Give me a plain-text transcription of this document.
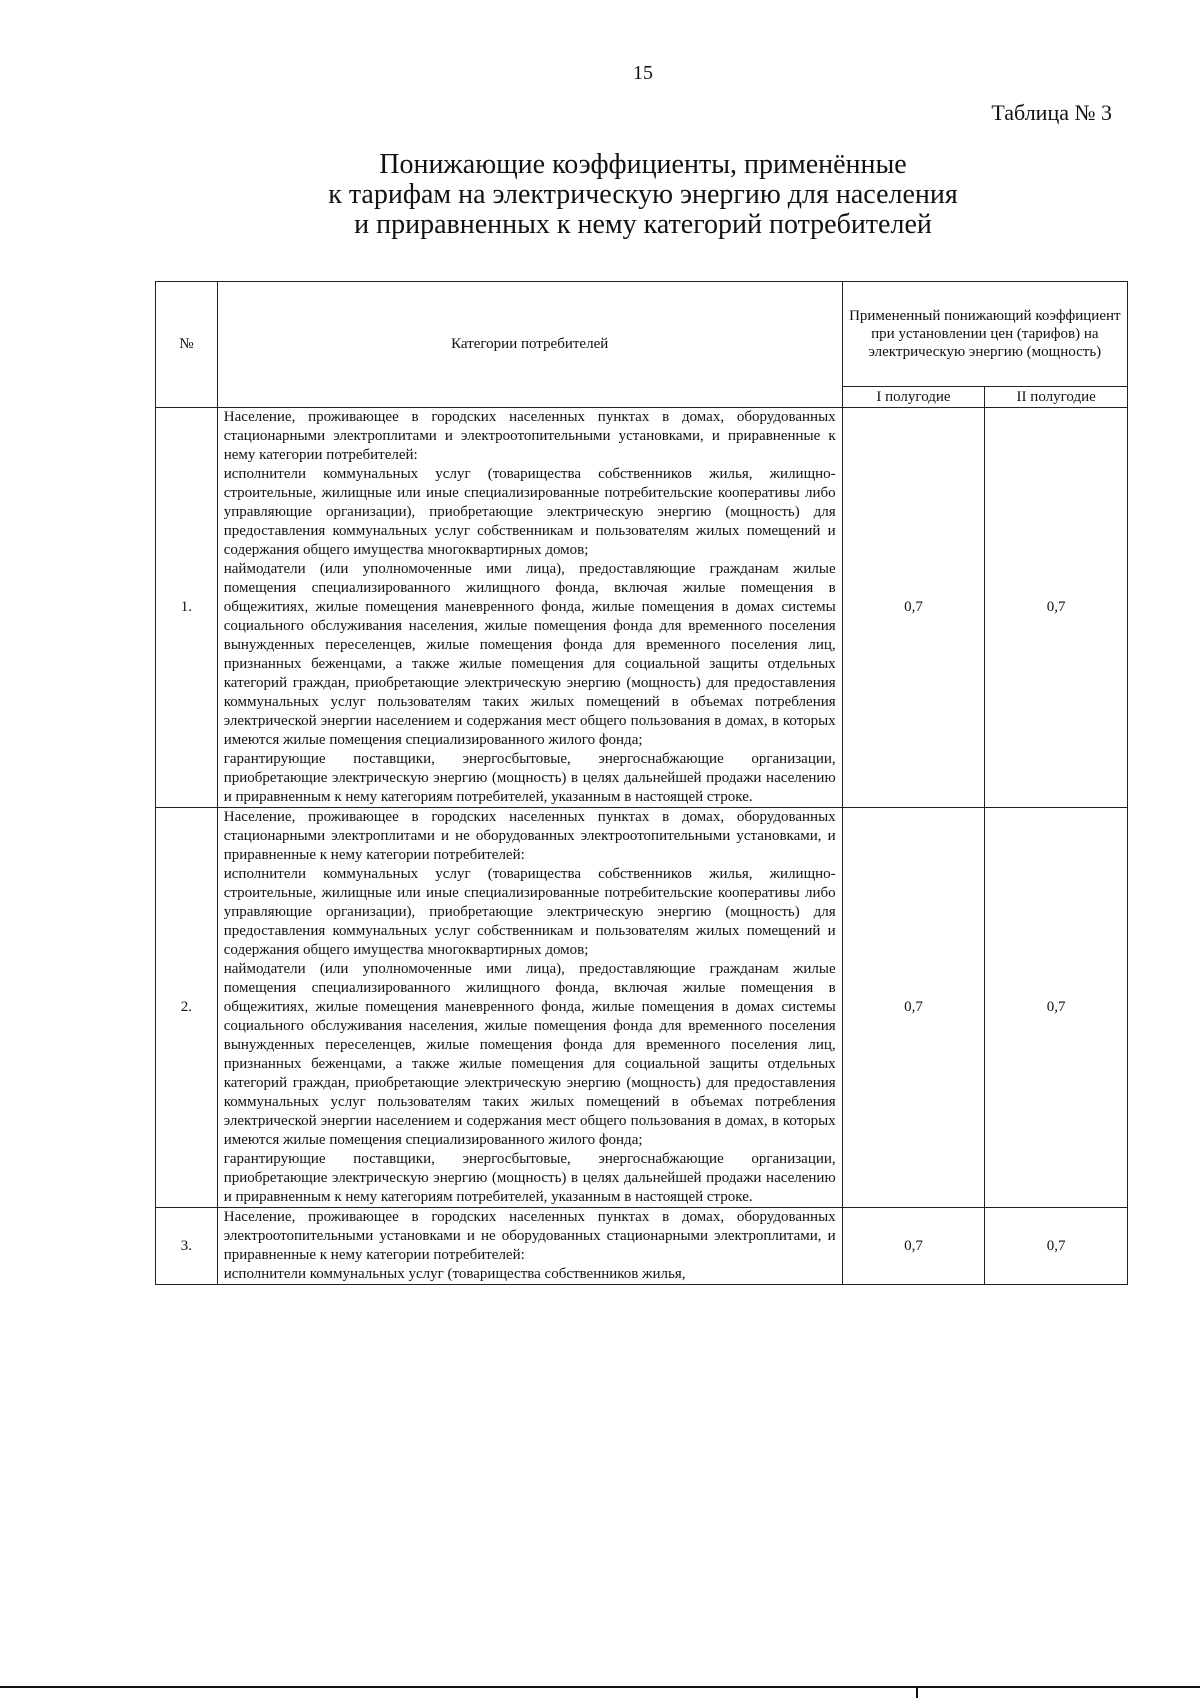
15
Таблица № 3
Понижающие коэффициенты, применённые
к тарифам на электрическую энергию для населения
и приравненных к нему категорий потребителей
№	Категории потребителей	Примененный понижающий коэффициент при установлении цен (тарифов) на электрическую энергию (мощность)	
		I полугодие	II полугодие
1.	Население, проживающее в городских населенных пунктах в домах, оборудованных стационарными электроплитами и электроотопительными установками, и приравненные к нему категории потребителей:

исполнители коммунальных услуг (товарищества собственников жилья, жилищно-строительные, жилищные или иные специализированные потребительские кооперативы либо управляющие организации), приобретающие электрическую энергию (мощность) для предоставления коммунальных услуг собственникам и пользователям жилых помещений и содержания общего имущества многоквартирных домов;

наймодатели (или уполномоченные ими лица), предоставляющие гражданам жилые помещения специализированного жилищного фонда, включая жилые помещения в общежитиях, жилые помещения маневренного фонда, жилые помещения в домах системы социального обслуживания населения, жилые помещения фонда для временного поселения вынужденных переселенцев, жилые помещения фонда для временного поселения лиц, признанных беженцами, а также жилые помещения для социальной защиты отдельных категорий граждан, приобретающие электрическую энергию (мощность) для предоставления коммунальных услуг пользователям таких жилых помещений в объемах потребления электрической энергии населением и содержания мест общего пользования в домах, в которых имеются жилые помещения специализированного жилого фонда;

гарантирующие поставщики, энергосбытовые, энергоснабжающие организации, приобретающие электрическую энергию (мощность) в целях дальнейшей продажи населению и приравненным к нему категориям потребителей, указанным в настоящей строке.	0,7	0,7
2.	Население, проживающее в городских населенных пунктах в домах, оборудованных стационарными электроплитами и не оборудованных электроотопительными установками, и приравненные к нему категории потребителей:

исполнители коммунальных услуг (товарищества собственников жилья, жилищно-строительные, жилищные или иные специализированные потребительские кооперативы либо управляющие организации), приобретающие электрическую энергию (мощность) для предоставления коммунальных услуг собственникам и пользователям жилых помещений и содержания общего имущества многоквартирных домов;

наймодатели (или уполномоченные ими лица), предоставляющие гражданам жилые помещения специализированного жилищного фонда, включая жилые помещения в общежитиях, жилые помещения маневренного фонда, жилые помещения в домах системы социального обслуживания населения, жилые помещения фонда для временного поселения вынужденных переселенцев, жилые помещения фонда для временного поселения лиц, признанных беженцами, а также жилые помещения для социальной защиты отдельных категорий граждан, приобретающие электрическую энергию (мощность) для предоставления коммунальных услуг пользователям таких жилых помещений в объемах потребления электрической энергии населением и содержания мест общего пользования в домах, в которых имеются жилые помещения специализированного жилого фонда;

гарантирующие поставщики, энергосбытовые, энергоснабжающие организации, приобретающие электрическую энергию (мощность) в целях дальнейшей продажи населению и приравненным к нему категориям потребителей, указанным в настоящей строке.	0,7	0,7
3.	Население, проживающее в городских населенных пунктах в домах, оборудованных электроотопительными установками и не оборудованных стационарными электроплитами, и приравненные к нему категории потребителей:

исполнители коммунальных услуг (товарищества собственников жилья,	0,7	0,7
